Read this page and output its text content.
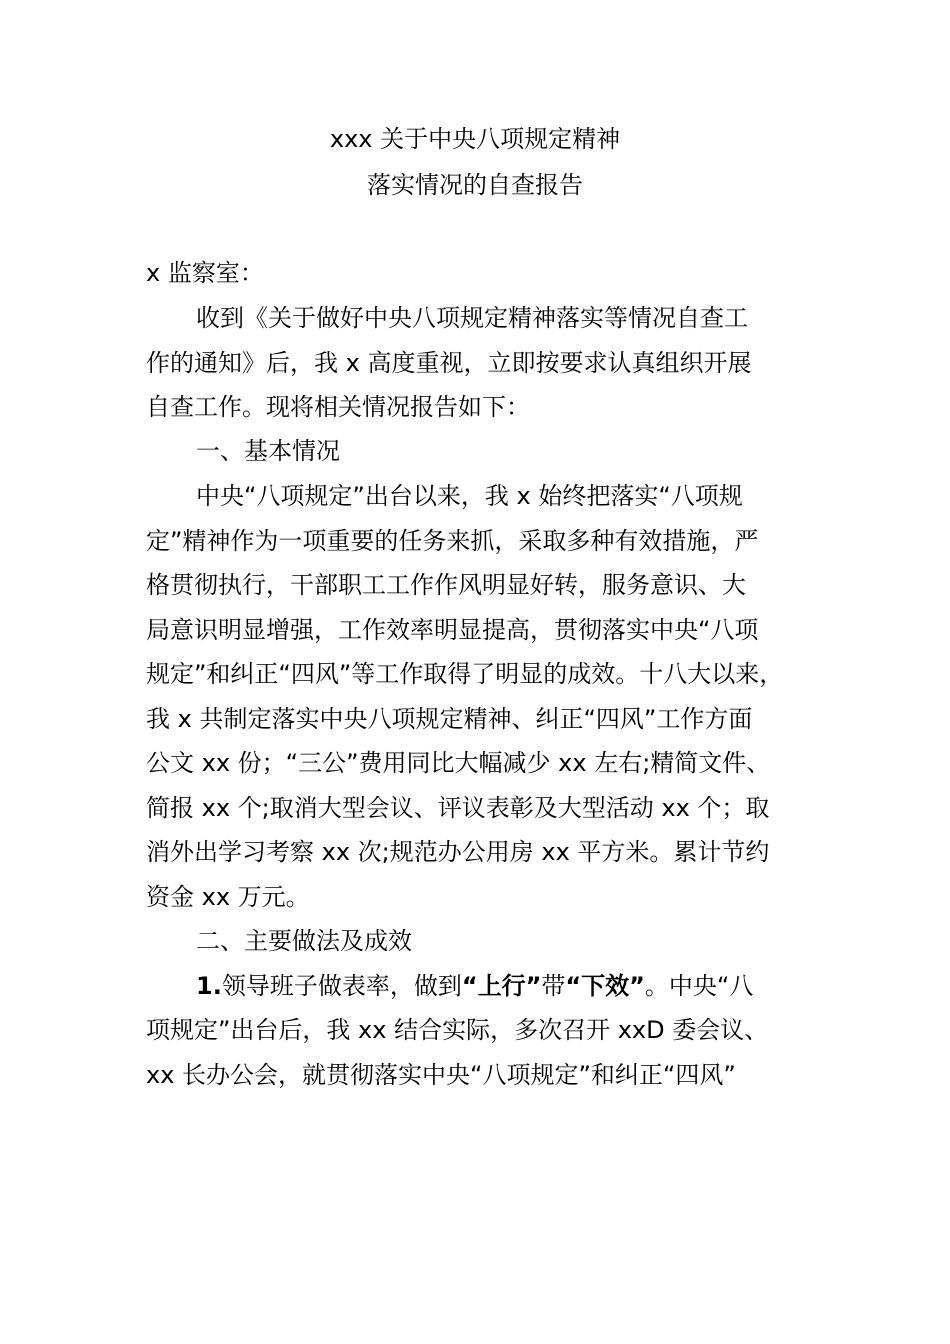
xxx 关于中央八项规定精神
落实情况的自查报告
x 监察室：
收到《关于做好中央八项规定精神落实等情况自查工
作的通知》后，我 x 高度重视，立即按要求认真组织开展
自查工作。现将相关情况报告如下：
一、基本情况
中央“八项规定”出台以来，我 x 始终把落实“八项规
定”精神作为一项重要的任务来抓，采取多种有效措施，严
格贯彻执行，干部职工工作作风明显好转，服务意识、大
局意识明显增强，工作效率明显提高，贯彻落实中央“八项
规定”和纠正“四风”等工作取得了明显的成效。十八大以来，
我 x 共制定落实中央八项规定精神、纠正“四风”工作方面
公文 xx 份；“三公”费用同比大幅减少 xx 左右;精简文件、
简报 xx 个;取消大型会议、评议表彰及大型活动 xx 个；取
消外出学习考察 xx 次;规范办公用房 xx 平方米。累计节约
资金 xx 万元。
二、主要做法及成效
1.领导班子做表率，做到“上行”带“下效”。中央“八
项规定”出台后，我 xx 结合实际，多次召开 xxD 委会议、
xx 长办公会，就贯彻落实中央“八项规定”和纠正“四风”
